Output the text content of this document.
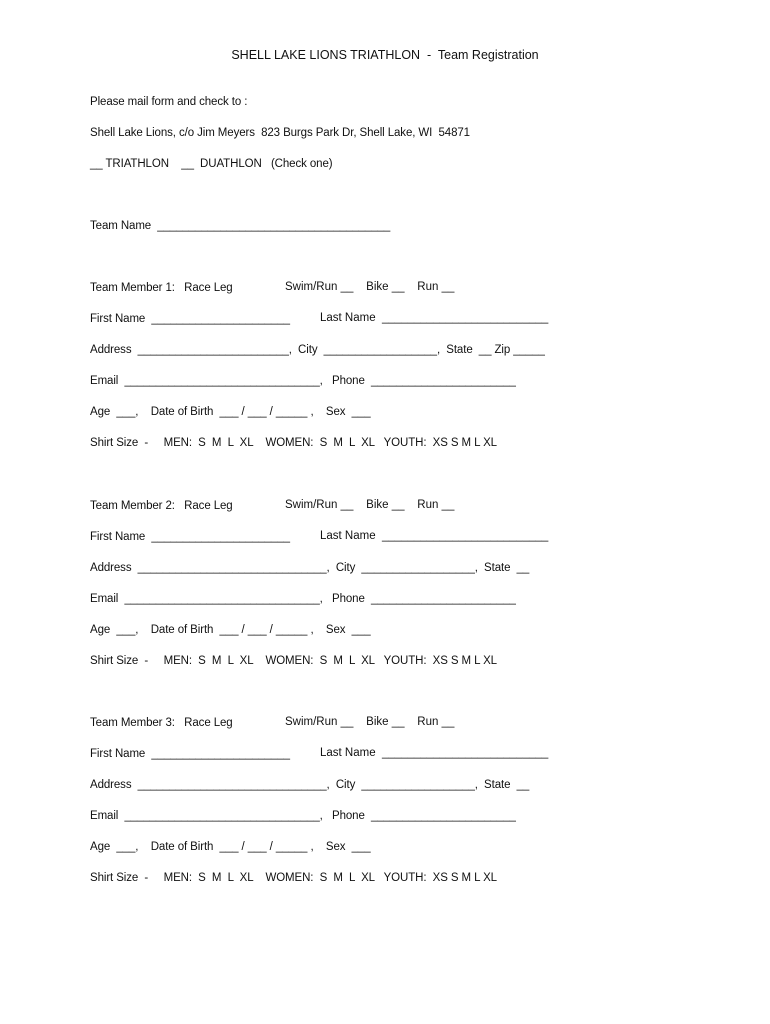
SHELL LAKE LIONS TRIATHLON  -  Team Registration
Please mail form and check to :
Shell Lake Lions, c/o Jim Meyers  823 Burgs Park Dr, Shell Lake, WI  54871
__ TRIATHLON    __  DUATHLON   (Check one)
Team Name  _____________________________________
Team Member 1:   Race Leg	Swim/Run __    Bike __    Run __
First Name  ______________________	Last Name  __________________________
Address  ________________________,  City  __________________,  State  __ Zip _____
Email  _______________________________,   Phone  _______________________
Age  ___,    Date of Birth  ___ / ___ / _____ ,    Sex  ___
Shirt Size  -     MEN:  S  M  L  XL    WOMEN:  S  M  L  XL   YOUTH:  XS S M L XL
Team Member 2:   Race Leg	Swim/Run __    Bike __    Run __
First Name  ______________________	Last Name  __________________________
Address  ______________________________,  City  __________________,  State  __
Email  _______________________________,   Phone  _______________________
Age  ___,    Date of Birth  ___ / ___ / _____ ,    Sex  ___
Shirt Size  -     MEN:  S  M  L  XL    WOMEN:  S  M  L  XL   YOUTH:  XS S M L XL
Team Member 3:   Race Leg	Swim/Run __    Bike __    Run __
First Name  ______________________	Last Name  __________________________
Address  ______________________________,  City  __________________,  State  __
Email  _______________________________,   Phone  _______________________
Age  ___,    Date of Birth  ___ / ___ / _____ ,    Sex  ___
Shirt Size  -     MEN:  S  M  L  XL    WOMEN:  S  M  L  XL   YOUTH:  XS S M L XL
